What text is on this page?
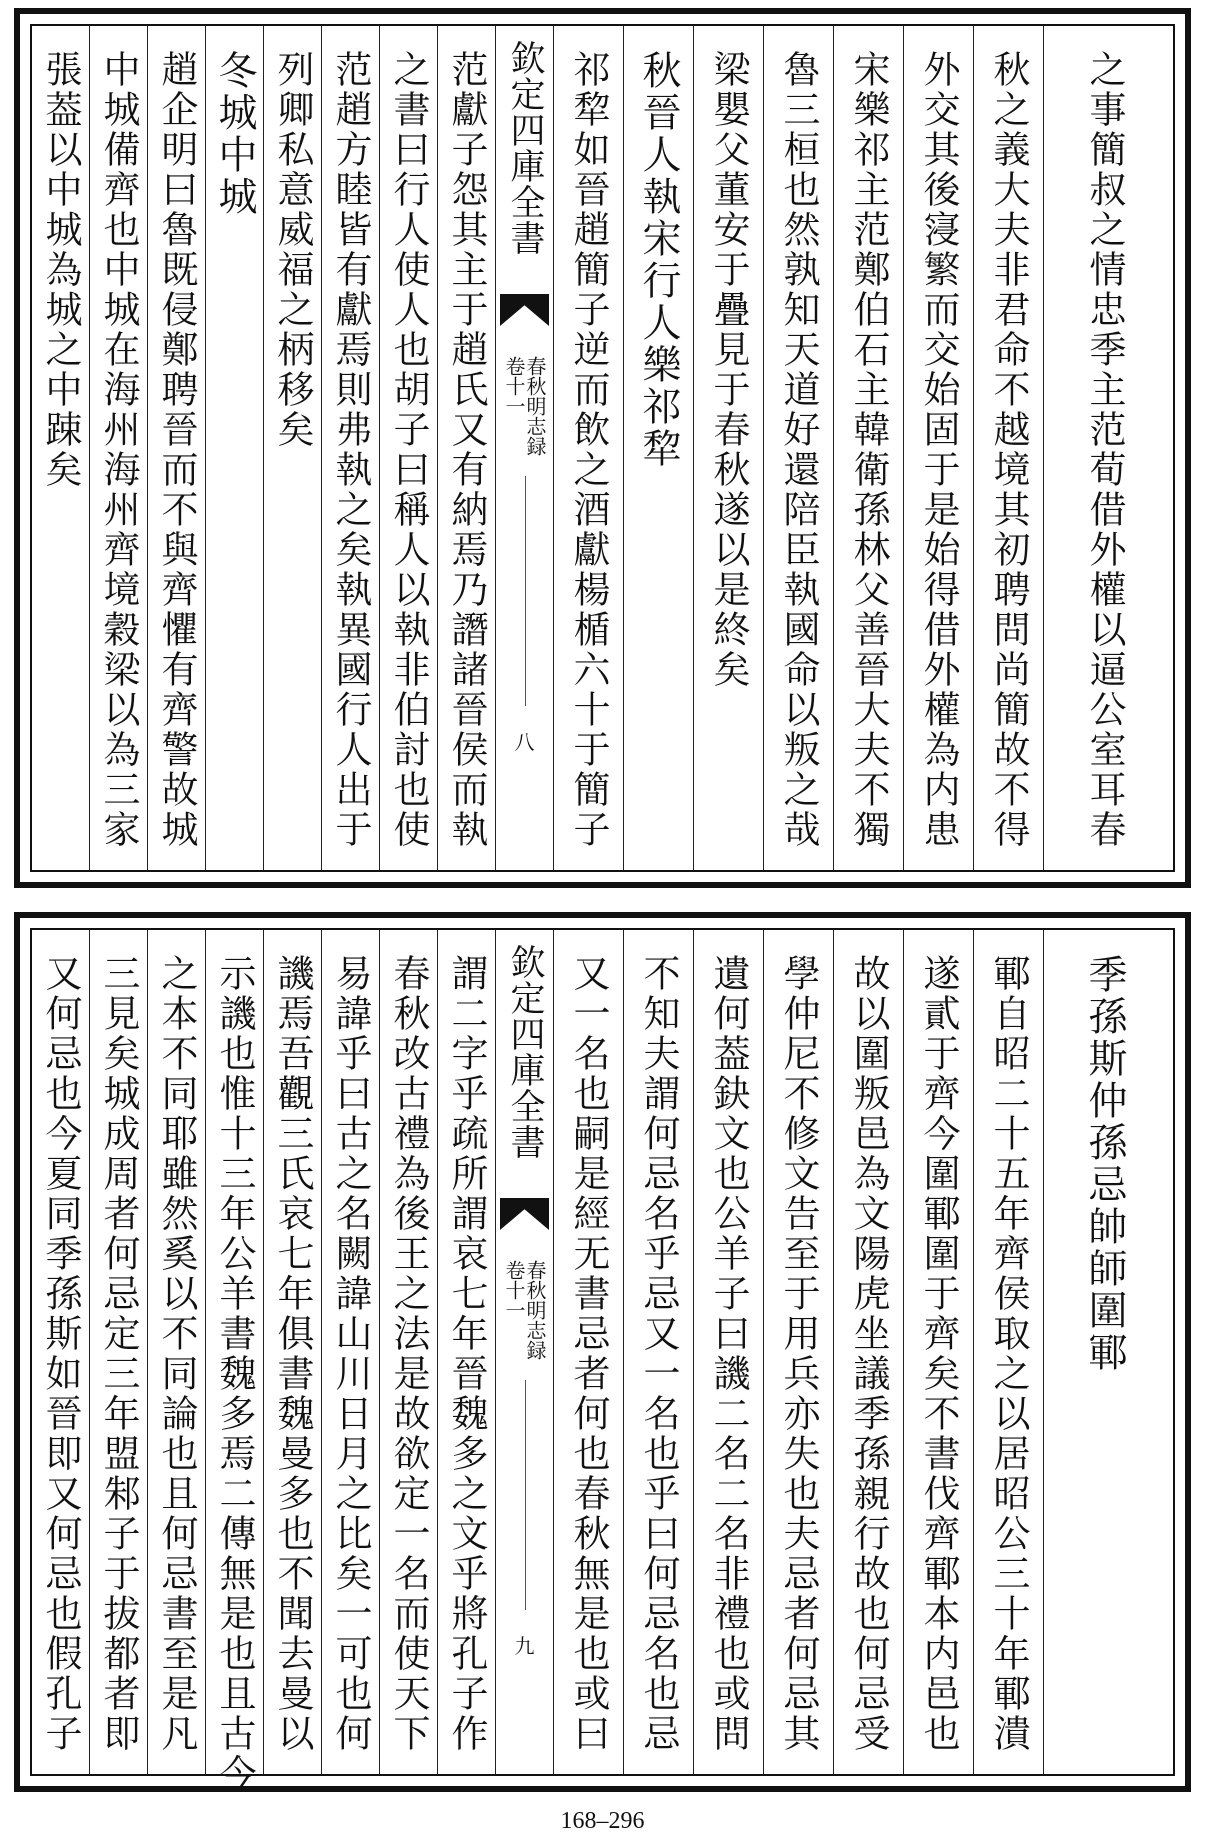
張葢以中城為城之中踈矣 中城備齊也中城在海州海州齊境穀梁以為三家 趙企明曰魯既侵鄭聘晉而不與齊懼有齊警故城 冬城中城 列卿私意威福之柄移矣 范趙方睦皆有獻焉則弗執之矣執異國行人出于 之書曰行人使人也胡子曰稱人以執非伯討也使 范獻子怨其主于趙氏又有納焉乃譖諸晉侯而執 欽定四庫全書
春秋明志録
卷十一
八 祁犂如晉趙簡子逆而飲之酒獻楊楯六十于簡子 秋晉人執宋行人樂祁犂 梁嬰父董安于疊見于春秋遂以是終矣 魯三桓也然孰知天道好還陪臣執國命以叛之哉 宋樂祁主范鄭伯石主韓衛孫林父善晉大夫不獨 外交其後寖繁而交始固于是始得借外權為内患 秋之義大夫非君命不越境其初聘問尚簡故不得 之事簡叔之情忠季主范荀借外權以逼公室耳春
又何忌也今夏同季孫斯如晉即又何忌也假孔子 三見矣城成周者何忌定三年盟邾子于拔都者即 之本不同耶雖然奚以不同論也且何忌書至是凡 示譏也惟十三年公羊書魏多焉二傳無是也且古今 譏焉吾觀三氏哀七年俱書魏曼多也不聞去曼以 易諱乎曰古之名闕諱山川日月之比矣一可也何 春秋改古禮為後王之法是故欲定一名而使天下 謂二字乎疏所謂哀七年晉魏多之文乎將孔子作 欽定四庫全書
春秋明志録
卷十一
九 又一名也嗣是經无書忌者何也春秋無是也或曰 不知夫謂何忌名乎忌又一名也乎曰何忌名也忌 遺何葢鈌文也公羊子曰譏二名二名非禮也或問 學仲尼不修文告至于用兵亦失也夫忌者何忌其 故以圍叛邑為文陽虎坐議季孫親行故也何忌受 遂貳于齊今圍鄆圍于齊矣不書伐齊鄆本内邑也 鄆自昭二十五年齊侯取之以居昭公三十年鄆潰 季孫斯仲孫忌帥師圍鄆
168–296
